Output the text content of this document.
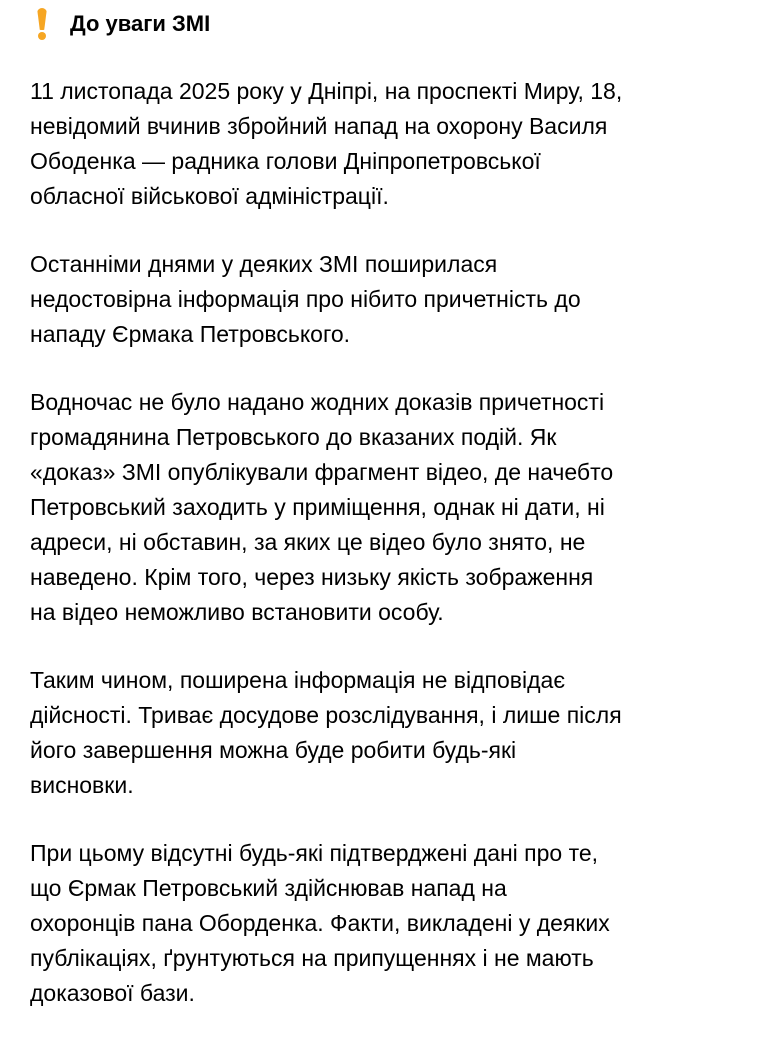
До уваги ЗМІ

11 листопада 2025 року у Дніпрі, на проспекті Миру, 18,
невідомий вчинив збройний напад на охорону Василя
Ободенка — радника голови Дніпропетровської
обласної військової адміністрації.

Останніми днями у деяких ЗМІ поширилася
недостовірна інформація про нібито причетність до
нападу Єрмака Петровського.

Водночас не було надано жодних доказів причетності
громадянина Петровського до вказаних подій. Як
«доказ» ЗМІ опублікували фрагмент відео, де начебто
Петровський заходить у приміщення, однак ні дати, ні
адреси, ні обставин, за яких це відео було знято, не
наведено. Крім того, через низьку якість зображення
на відео неможливо встановити особу.

Таким чином, поширена інформація не відповідає
дійсності. Триває досудове розслідування, і лише після
його завершення можна буде робити будь-які
висновки.

При цьому відсутні будь-які підтверджені дані про те,
що Єрмак Петровський здійснював напад на
охоронців пана Оборденка. Факти, викладені у деяких
публікаціях, ґрунтуються на припущеннях і не мають
доказової бази.
